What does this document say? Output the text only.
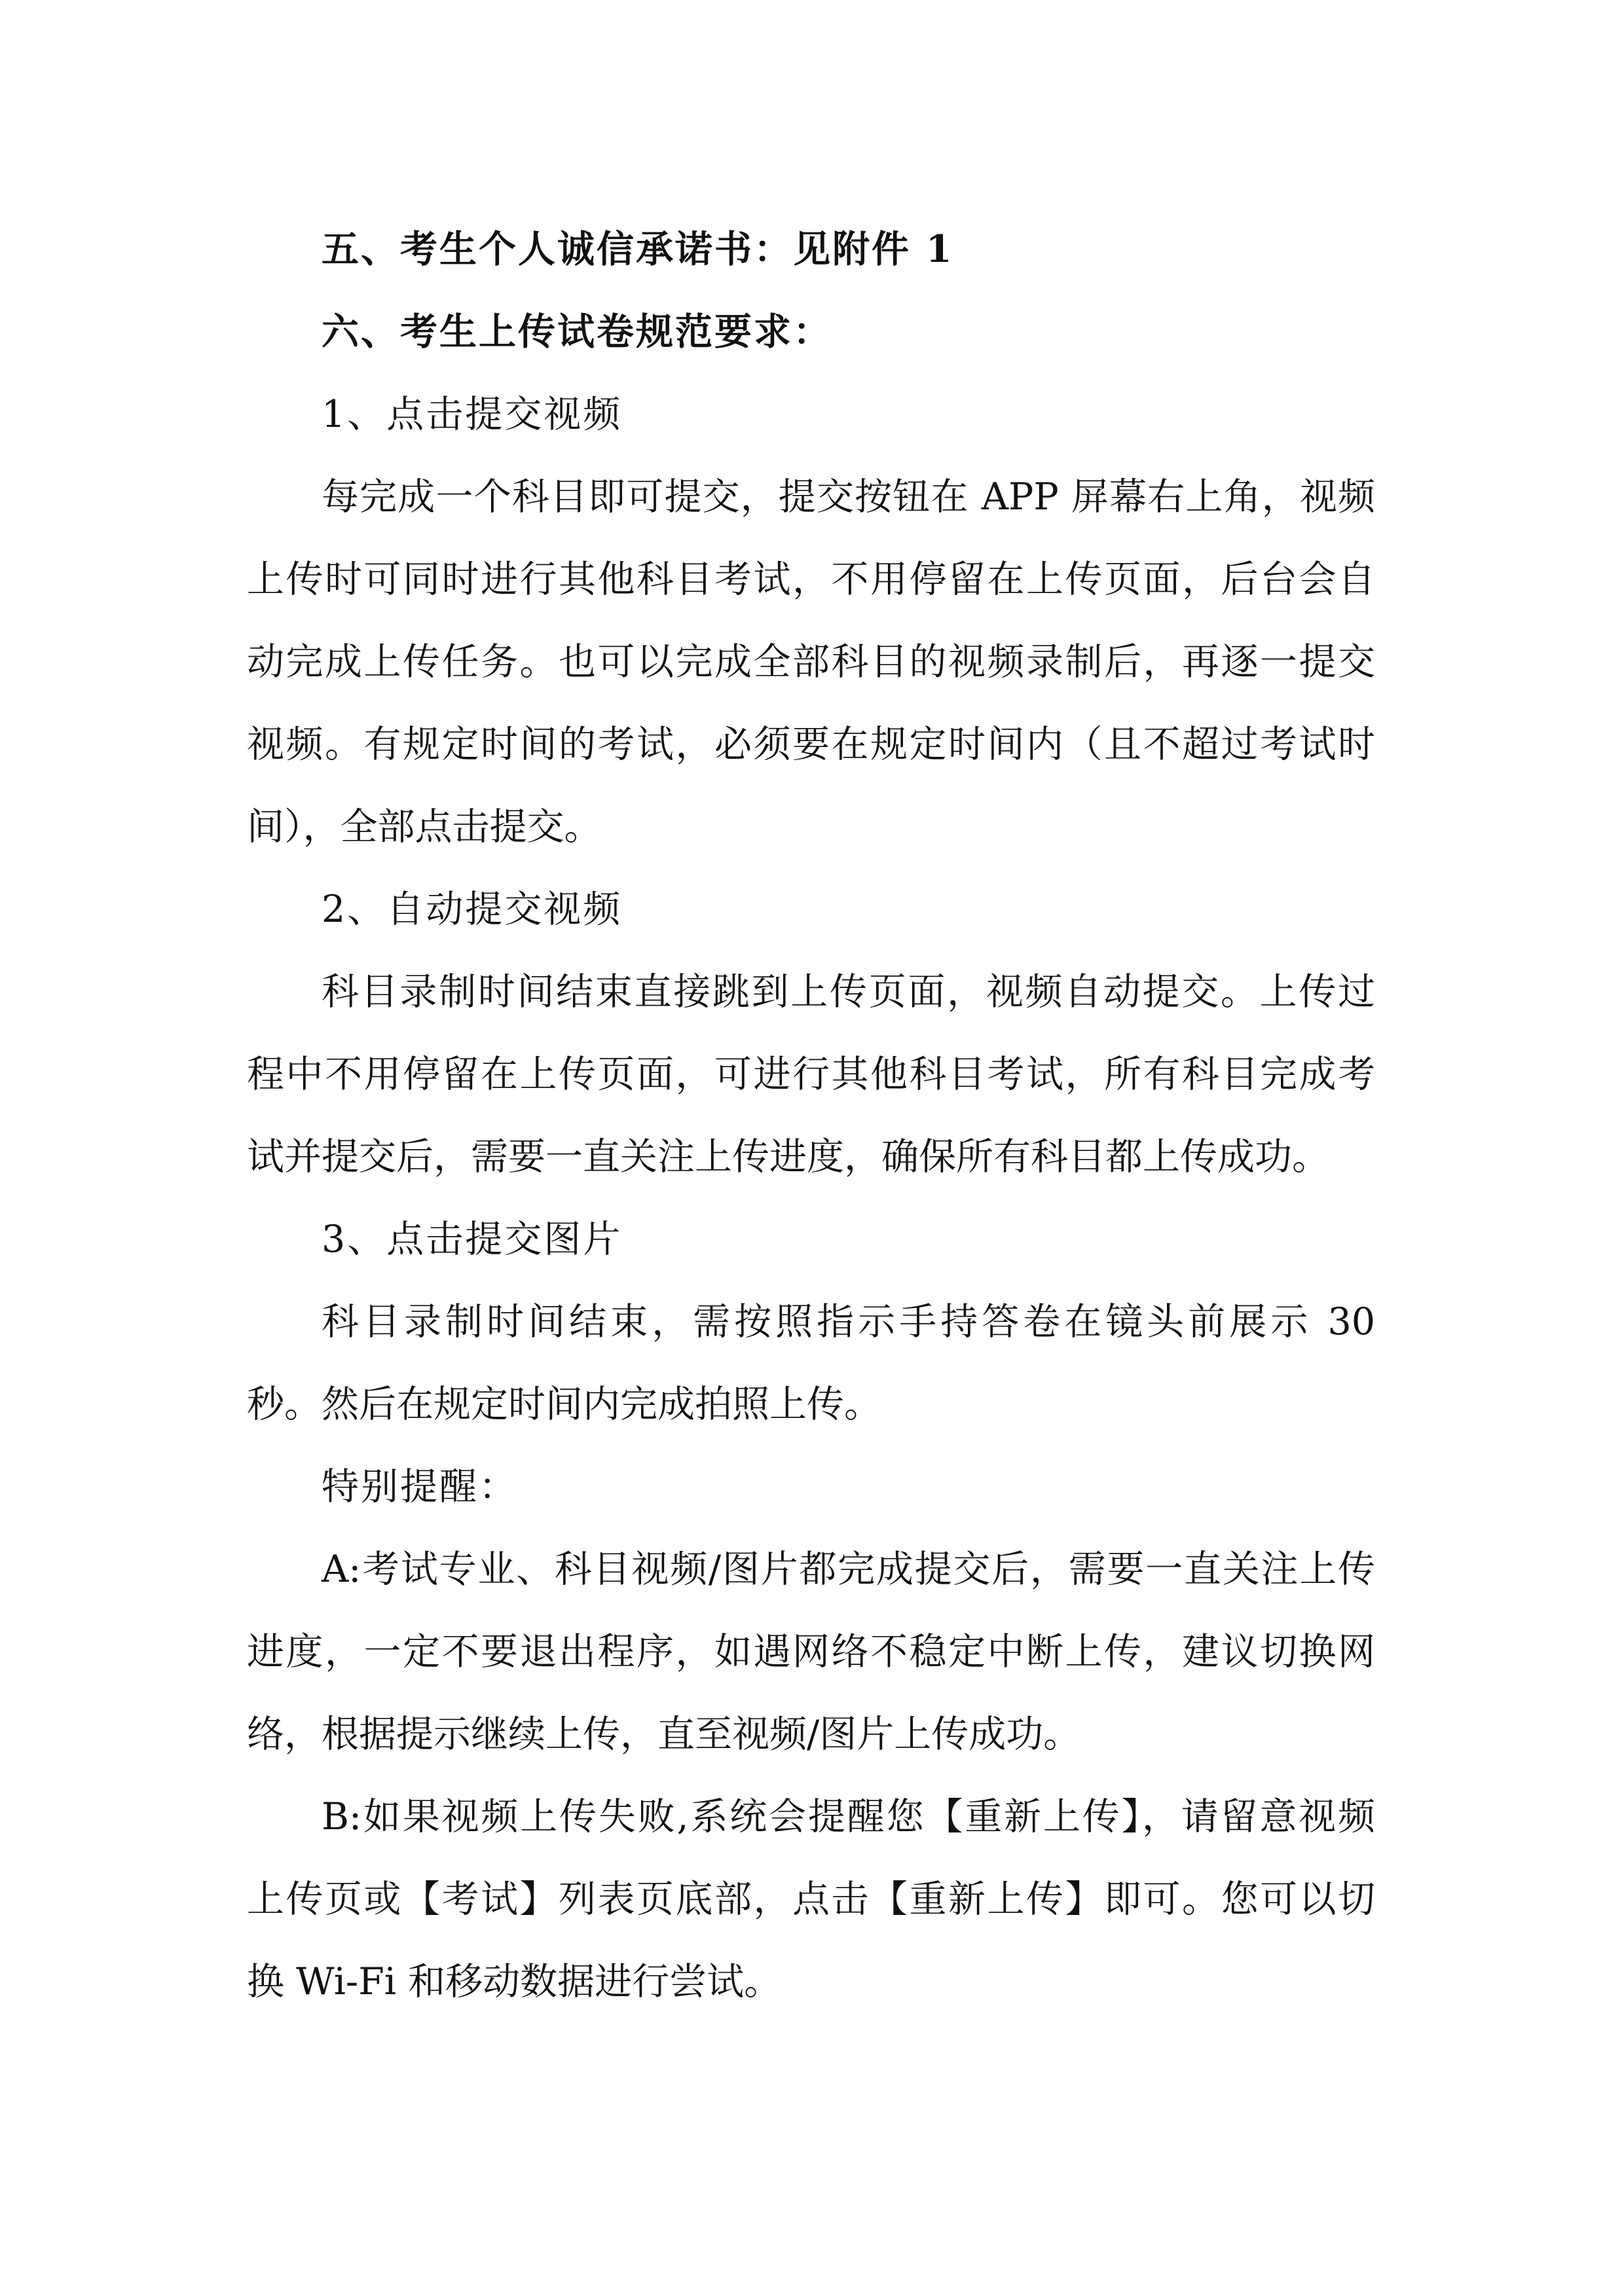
五、考生个人诚信承诺书：见附件 1

六、考生上传试卷规范要求：

1、点击提交视频

每完成一个科目即可提交，提交按钮在 APP 屏幕右上角，视频
上传时可同时进行其他科目考试，不用停留在上传页面，后台会自
动完成上传任务。也可以完成全部科目的视频录制后，再逐一提交
视频。有规定时间的考试，必须要在规定时间内（且不超过考试时
间），全部点击提交。

2、自动提交视频

科目录制时间结束直接跳到上传页面，视频自动提交。上传过
程中不用停留在上传页面，可进行其他科目考试，所有科目完成考
试并提交后，需要一直关注上传进度，确保所有科目都上传成功。

3、点击提交图片

科目录制时间结束，需按照指示手持答卷在镜头前展示 30
秒。然后在规定时间内完成拍照上传。

特别提醒：

A:考试专业、科目视频/图片都完成提交后，需要一直关注上传
进度，一定不要退出程序，如遇网络不稳定中断上传，建议切换网
络，根据提示继续上传，直至视频/图片上传成功。
B:如果视频上传失败,系统会提醒您【重新上传】，请留意视频
上传页或【考试】列表页底部，点击【重新上传】即可。您可以切
换 Wi-Fi 和移动数据进行尝试。
